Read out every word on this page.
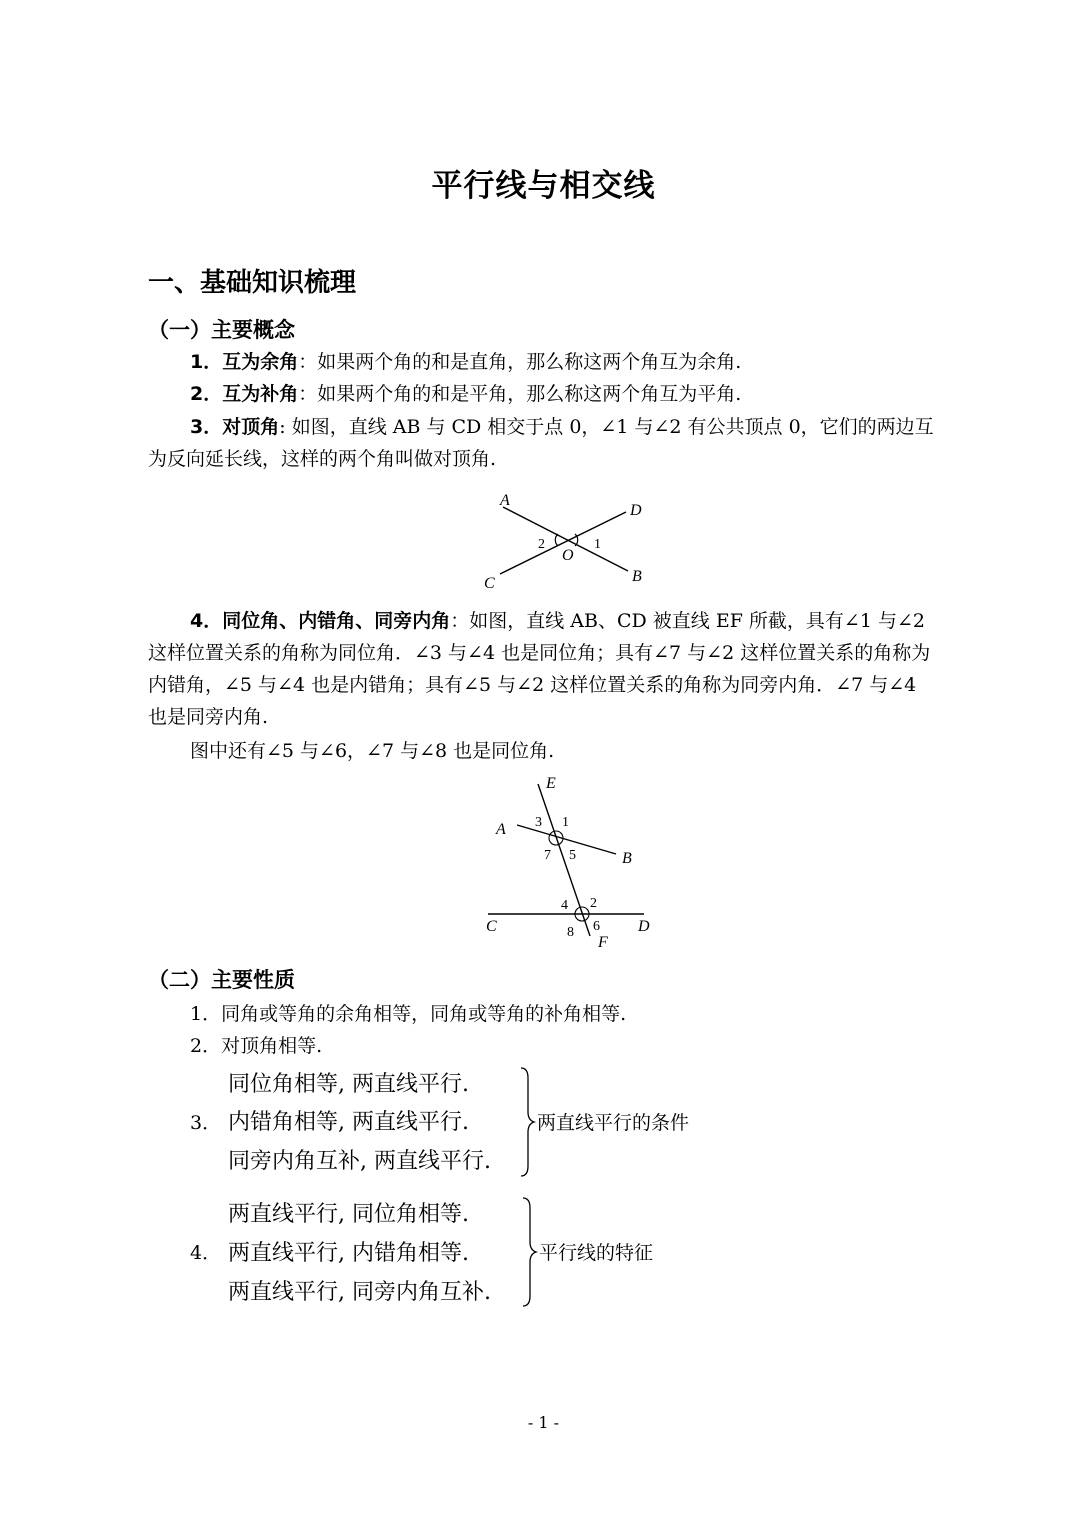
平行线与相交线
一、基础知识梳理
（一）主要概念
1．互为余角：如果两个角的和是直角，那么称这两个角互为余角.
2．互为补角：如果两个角的和是平角，那么称这两个角互为平角.
3．对顶角: 如图，直线 AB 与 CD 相交于点 0，∠1 与∠2 有公共顶点 0，它们的两边互为反向延长线，这样的两个角叫做对顶角.
A
D
C	B
O
2	1
4．同位角、内错角、同旁内角：如图，直线 AB、CD 被直线 EF 所截，具有∠1 与∠2 这样位置关系的角称为同位角．∠3 与∠4 也是同位角；具有∠7 与∠2 这样位置关系的角称为内错角，∠5 与∠4 也是内错角；具有∠5 与∠2 这样位置关系的角称为同旁内角．∠7 与∠4 也是同旁内角.
图中还有∠5 与∠6，∠7 与∠8 也是同位角.
E
A
B
C	D
F
3 1
7 5
4 2
8 6
（二）主要性质
1．同角或等角的余角相等，同角或等角的补角相等.
2．对顶角相等.
3．
同位角相等, 两直线平行.
内错角相等, 两直线平行.
同旁内角互补, 两直线平行.
两直线平行的条件
4．
两直线平行, 同位角相等.
两直线平行, 内错角相等.
两直线平行, 同旁内角互补.
平行线的特征
- 1 -
